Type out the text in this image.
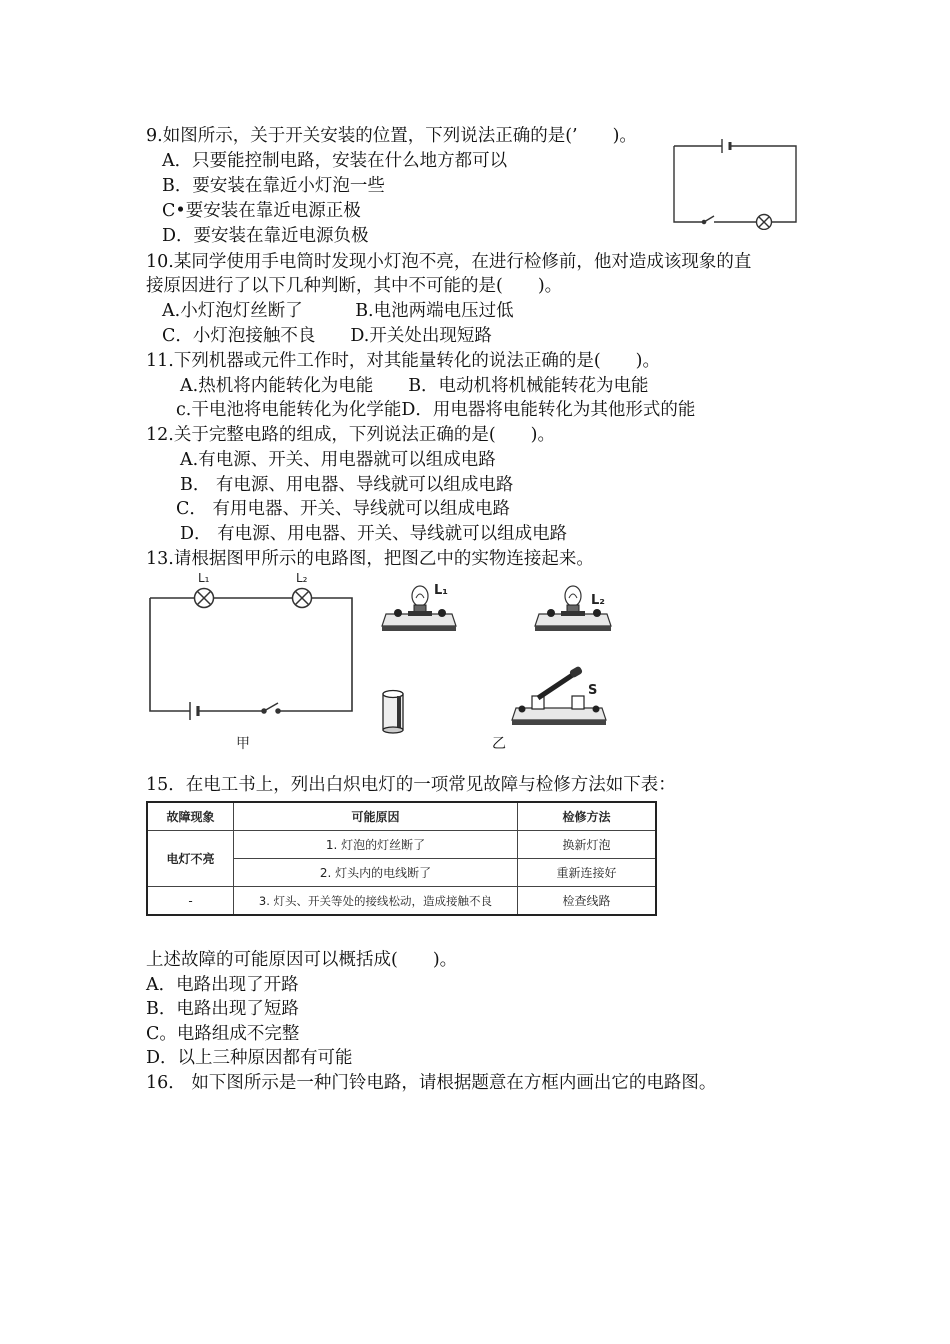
9.如图所示，关于开关安装的位置，下列说法正确的是(’　　)。
A．只要能控制电路，安装在什么地方都可以
B．要安装在靠近小灯泡一些
C•要安装在靠近电源正极
D．要安装在靠近电源负极
10.某同学使用手电筒时发现小灯泡不亮，在进行检修前，他对造成该现象的直
接原因进行了以下几种判断，其中不可能的是(　　)。
A.小灯泡灯丝断了　　　B.电池两端电压过低
C．小灯泡接触不良　　D.开关处出现短路
11.下列机器或元件工作时，对其能量转化的说法正确的是(　　)。
A.热机将内能转化为电能　　B．电动机将机械能转花为电能
c.干电池将电能转化为化学能D．用电器将电能转化为其他形式的能
12.关于完整电路的组成，下列说法正确的是(　　)。
A.有电源、开关、用电器就可以组成电路
B． 有电源、用电器、导线就可以组成电路
C． 有用电器、开关、导线就可以组成电路
D． 有电源、用电器、开关、导线就可以组成电路
13.请根据图甲所示的电路图，把图乙中的实物连接起来。
L₁	L₂
甲
L₁
L₂
S
乙
15．在电工书上，列出白炽电灯的一项常见故障与检修方法如下表：
故障现象	可能原因	检修方法
电灯不亮	1. 灯泡的灯丝断了	换新灯泡
	2. 灯头内的电线断了	重新连接好
-	3. 灯头、开关等处的接线松动，造成接触不良	检查线路
上述故障的可能原因可以概括成(　　)。
A．电路出现了开路
B．电路出现了短路
C。电路组成不完整
D．以上三种原因都有可能
16． 如下图所示是一种门铃电路，请根据题意在方框内画出它的电路图。
